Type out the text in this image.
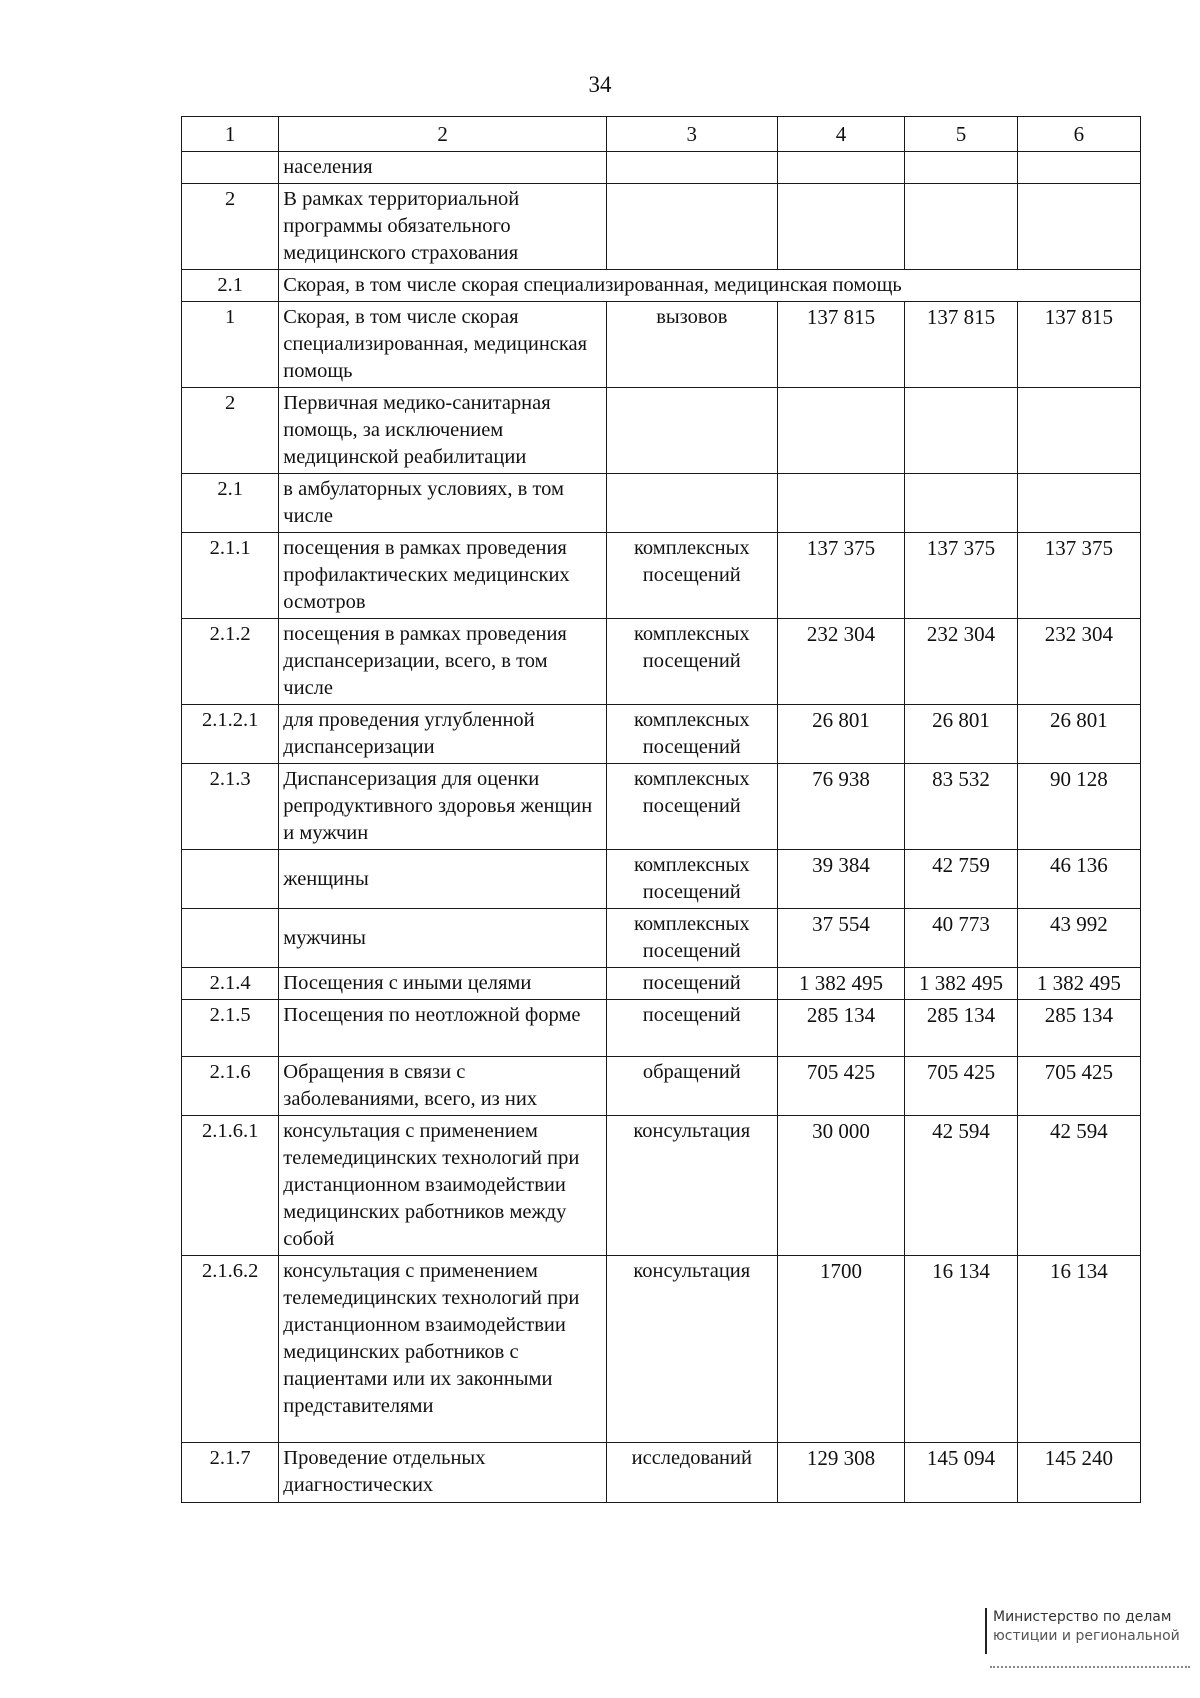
34
1	2	3	4	5	6
	населения				
2	В рамках территориальной программы обязательного медицинского страхования				
2.1	Скорая, в том числе скорая специализированная, медицинская помощь				
1	Скорая, в том числе скорая специализированная, медицинская помощь	вызовов	137 815	137 815	137 815
2	Первичная медико-санитарная помощь, за исключением медицинской реабилитации				
2.1	в амбулаторных условиях, в том числе				
2.1.1	посещения в рамках проведения профилактических медицинских осмотров	комплексных посещений	137 375	137 375	137 375
2.1.2	посещения в рамках проведения диспансеризации, всего, в том числе	комплексных посещений	232 304	232 304	232 304
2.1.2.1	для проведения углубленной диспансеризации	комплексных посещений	26 801	26 801	26 801
2.1.3	Диспансеризация для оценки репродуктивного здоровья женщин и мужчин	комплексных посещений	76 938	83 532	90 128
	женщины	комплексных посещений	39 384	42 759	46 136
	мужчины	комплексных посещений	37 554	40 773	43 992
2.1.4	Посещения с иными целями	посещений	1 382 495	1 382 495	1 382 495
2.1.5	Посещения по неотложной форме	посещений	285 134	285 134	285 134
2.1.6	Обращения в связи с заболеваниями, всего, из них	обращений	705 425	705 425	705 425
2.1.6.1	консультация с применением телемедицинских технологий при дистанционном взаимодействии медицинских работников между собой	консультация	30 000	42 594	42 594
2.1.6.2	консультация с применением телемедицинских технологий при дистанционном взаимодействии медицинских работников с пациентами или их законными представителями	консультация	1700	16 134	16 134
2.1.7	Проведение отдельных диагностических	исследований	129 308	145 094	145 240
Министерство по делам
юстиции и региональной
